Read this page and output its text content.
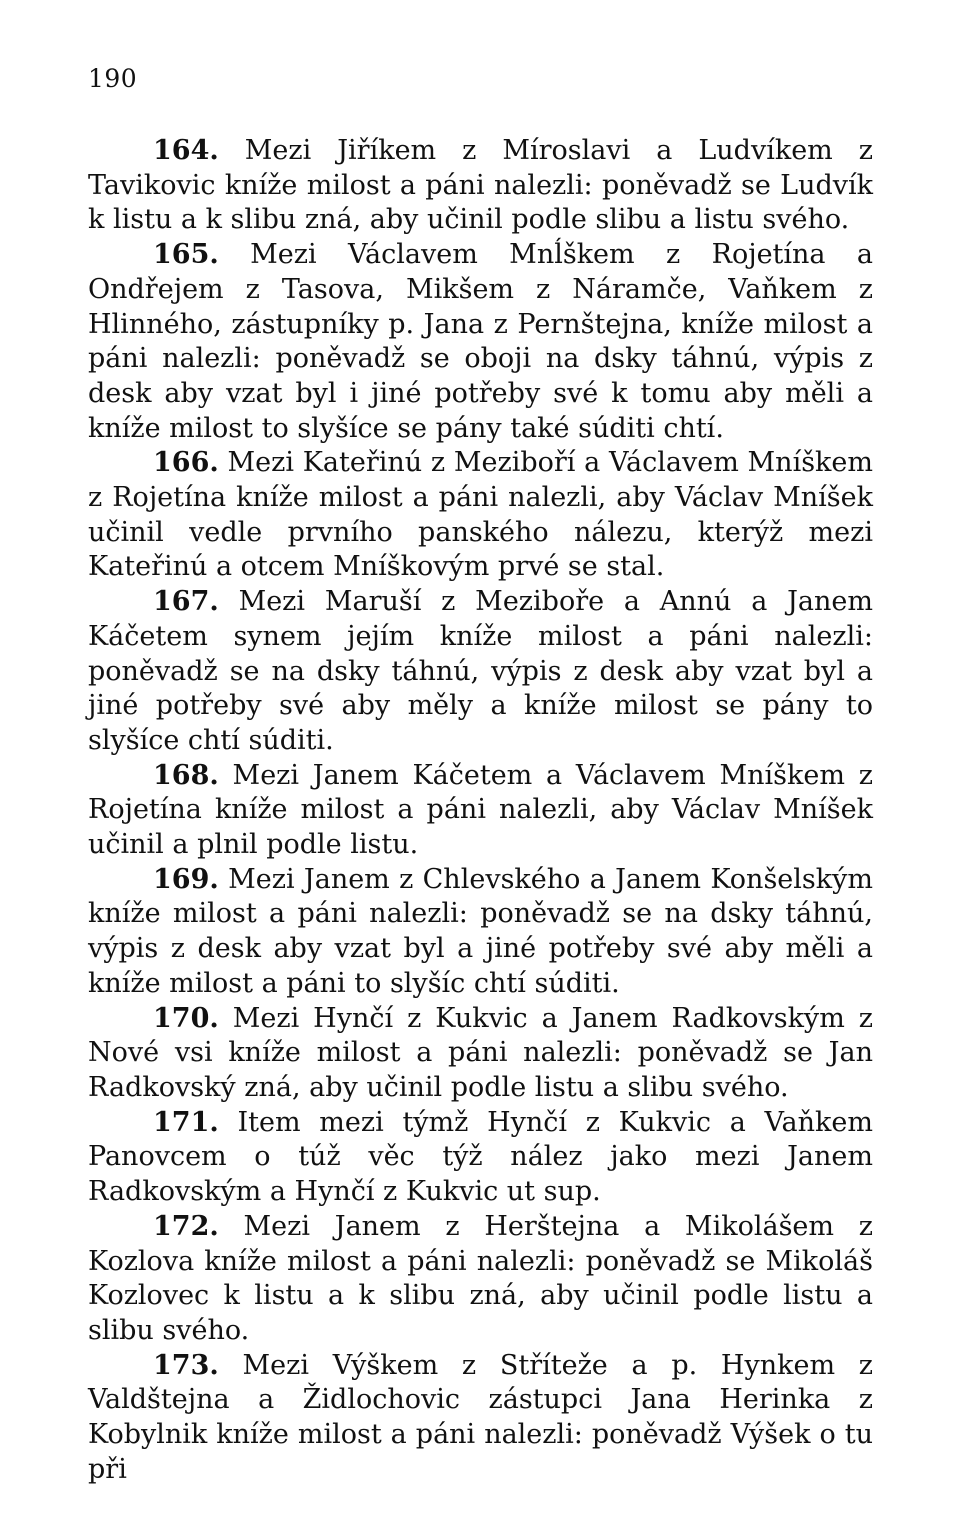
190

164. Mezi Jiříkem z Míroslavi a Ludvíkem z Tavikovic kníže milost a páni nalezli: poněvadž se Ludvík k listu a k slibu zná, aby učinil podle slibu a listu svého.

165. Mezi Václavem Mnĺškem z Rojetína a Ondřejem z Tasova, Mikšem z Náramče, Vaňkem z Hlinného, zástupníky p. Jana z Pernštejna, kníže milost a páni nalezli: poněvadž se oboji na dsky táhnú, výpis z desk aby vzat byl i jiné potřeby své k tomu aby měli a kníže milost to slyšíce se pány také súditi chtí.

166. Mezi Kateřinú z Meziboří a Václavem Mníškem z Rojetína kníže milost a páni nalezli, aby Václav Mníšek učinil vedle prvního panského nálezu, kterýž mezi Kateřinú a otcem Mníškovým prvé se stal.

167. Mezi Maruší z Meziboře a Annú a Janem Káčetem synem jejím kníže milost a páni nalezli: poněvadž se na dsky táhnú, výpis z desk aby vzat byl a jiné potřeby své aby měly a kníže milost se pány to slyšíce chtí súditi.

168. Mezi Janem Káčetem a Václavem Mníškem z Rojetína kníže milost a páni nalezli, aby Václav Mníšek učinil a plnil podle listu.

169. Mezi Janem z Chlevského a Janem Konšelským kníže milost a páni nalezli: poněvadž se na dsky táhnú, výpis z desk aby vzat byl a jiné potřeby své aby měli a kníže milost a páni to slyšíc chtí súditi.

170. Mezi Hynčí z Kukvic a Janem Radkovským z Nové vsi kníže milost a páni nalezli: poněvadž se Jan Radkovský zná, aby učinil podle listu a slibu svého.

171. Item mezi týmž Hynčí z Kukvic a Vaňkem Panovcem o túž věc týž nález jako mezi Janem Radkovským a Hynčí z Kukvic ut sup.

172. Mezi Janem z Herštejna a Mikolášem z Kozlova kníže milost a páni nalezli: poněvadž se Mikoláš Kozlovec k listu a k slibu zná, aby učinil podle listu a slibu svého.

173. Mezi Výškem z Stříteže a p. Hynkem z Valdštejna a Židlochovic zástupci Jana Herinka z Kobylnik kníže milost a páni nalezli: poněvadž Výšek o tu při
